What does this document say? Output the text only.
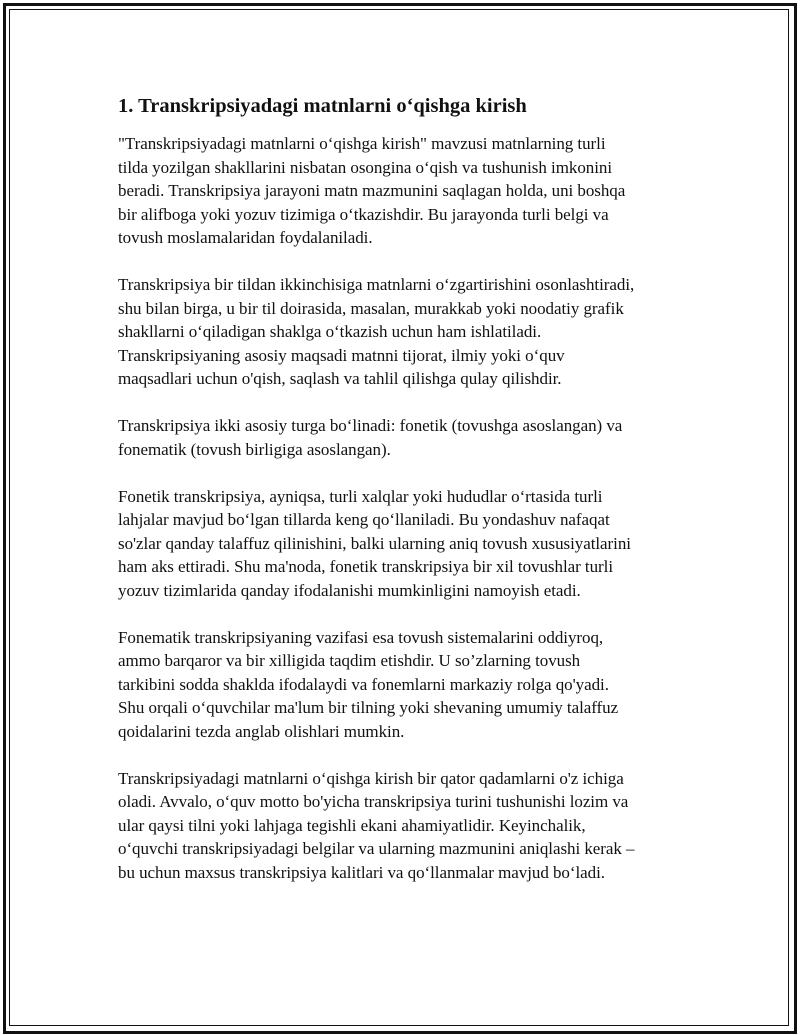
1. Transkripsiyadagi matnlarni o‘qishga kirish

"Transkripsiyadagi matnlarni o‘qishga kirish" mavzusi matnlarning turli
tilda yozilgan shakllarini nisbatan osongina o‘qish va tushunish imkonini
beradi. Transkripsiya jarayoni matn mazmunini saqlagan holda, uni boshqa
bir alifboga yoki yozuv tizimiga o‘tkazishdir. Bu jarayonda turli belgi va
tovush moslamalaridan foydalaniladi.

Transkripsiya bir tildan ikkinchisiga matnlarni o‘zgartirishini osonlashtiradi,
shu bilan birga, u bir til doirasida, masalan, murakkab yoki noodatiy grafik
shakllarni o‘qiladigan shaklga o‘tkazish uchun ham ishlatiladi.
Transkripsiyaning asosiy maqsadi matnni tijorat, ilmiy yoki o‘quv
maqsadlari uchun o'qish, saqlash va tahlil qilishga qulay qilishdir.

Transkripsiya ikki asosiy turga bo‘linadi: fonetik (tovushga asoslangan) va
fonematik (tovush birligiga asoslangan).

Fonetik transkripsiya, ayniqsa, turli xalqlar yoki hududlar o‘rtasida turli
lahjalar mavjud bo‘lgan tillarda keng qo‘llaniladi. Bu yondashuv nafaqat
so'zlar qanday talaffuz qilinishini, balki ularning aniq tovush xususiyatlarini
ham aks ettiradi. Shu ma'noda, fonetik transkripsiya bir xil tovushlar turli
yozuv tizimlarida qanday ifodalanishi mumkinligini namoyish etadi.

Fonematik transkripsiyaning vazifasi esa tovush sistemalarini oddiyroq,
ammo barqaror va bir xilligida taqdim etishdir. U so’zlarning tovush
tarkibini sodda shaklda ifodalaydi va fonemlarni markaziy rolga qo'yadi.
Shu orqali o‘quvchilar ma'lum bir tilning yoki shevaning umumiy talaffuz
qoidalarini tezda anglab olishlari mumkin.

Transkripsiyadagi matnlarni o‘qishga kirish bir qator qadamlarni o'z ichiga
oladi. Avvalo, o‘quv motto bo'yicha transkripsiya turini tushunishi lozim va
ular qaysi tilni yoki lahjaga tegishli ekani ahamiyatlidir. Keyinchalik,
o‘quvchi transkripsiyadagi belgilar va ularning mazmunini aniqlashi kerak –
bu uchun maxsus transkripsiya kalitlari va qo‘llanmalar mavjud bo‘ladi.
